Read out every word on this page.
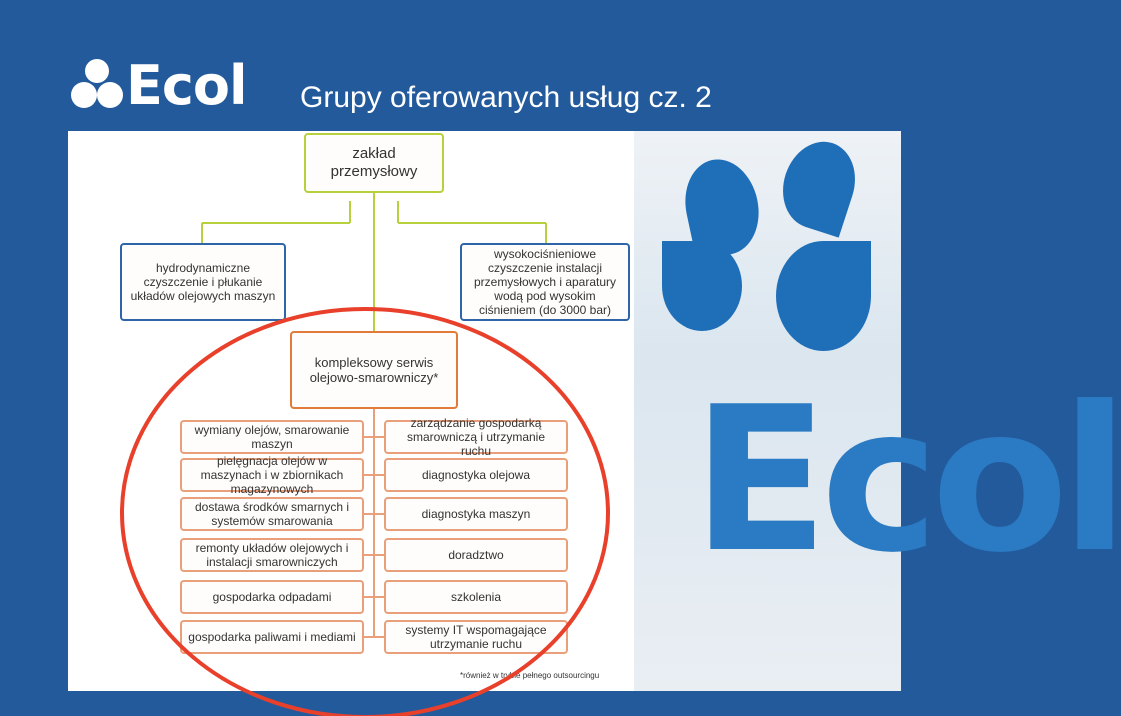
Ecol Grupy oferowanych usług cz. 2
Ecol
zakład przemysłowy
hydrodynamiczne czyszczenie i płukanie układów olejowych maszyn
wysokociśnieniowe czyszczenie instalacji przemysłowych i aparatury wodą pod wysokim ciśnieniem (do 3000 bar)
kompleksowy serwis olejowo-smarowniczy*
wymiany olejów, smarowanie maszyn
pielęgnacja olejów w maszynach i w zbiornikach magazynowych
dostawa środków smarnych i systemów smarowania
remonty układów olejowych i instalacji smarowniczych
gospodarka odpadami
gospodarka paliwami i mediami
zarządzanie gospodarką smarowniczą i utrzymanie ruchu
diagnostyka olejowa
diagnostyka maszyn
doradztwo
szkolenia
systemy IT wspomagające utrzymanie ruchu
*również w trybie pełnego outsourcingu
